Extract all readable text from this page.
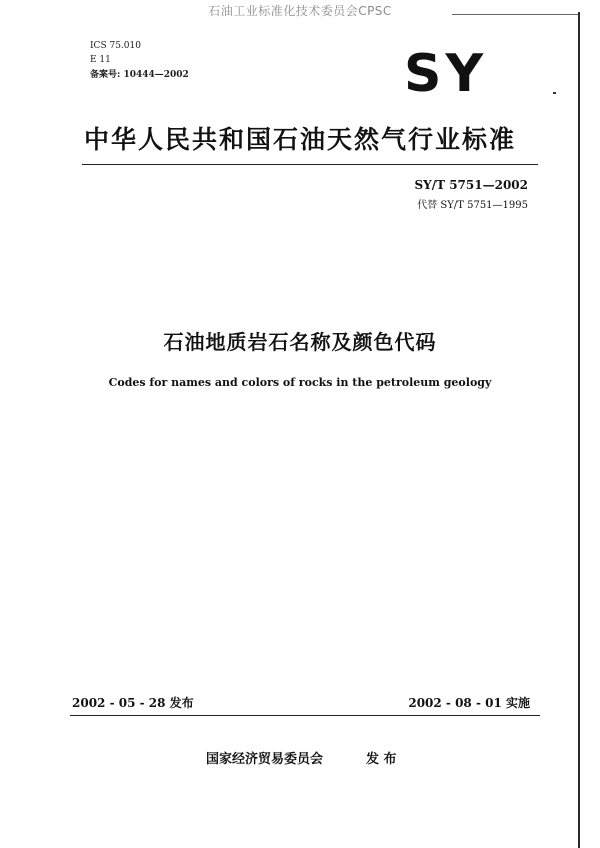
石油工业标准化技术委员会CPSC
ICS 75.010
E 11
备案号: 10444—2002	SY
中华人民共和国石油天然气行业标准
SY/T 5751—2002
代替 SY/T 5751—1995
石油地质岩石名称及颜色代码
Codes for names and colors of rocks in the petroleum geology
2002 - 05 - 28 发布	2002 - 08 - 01 实施
国家经济贸易委员会	发 布
